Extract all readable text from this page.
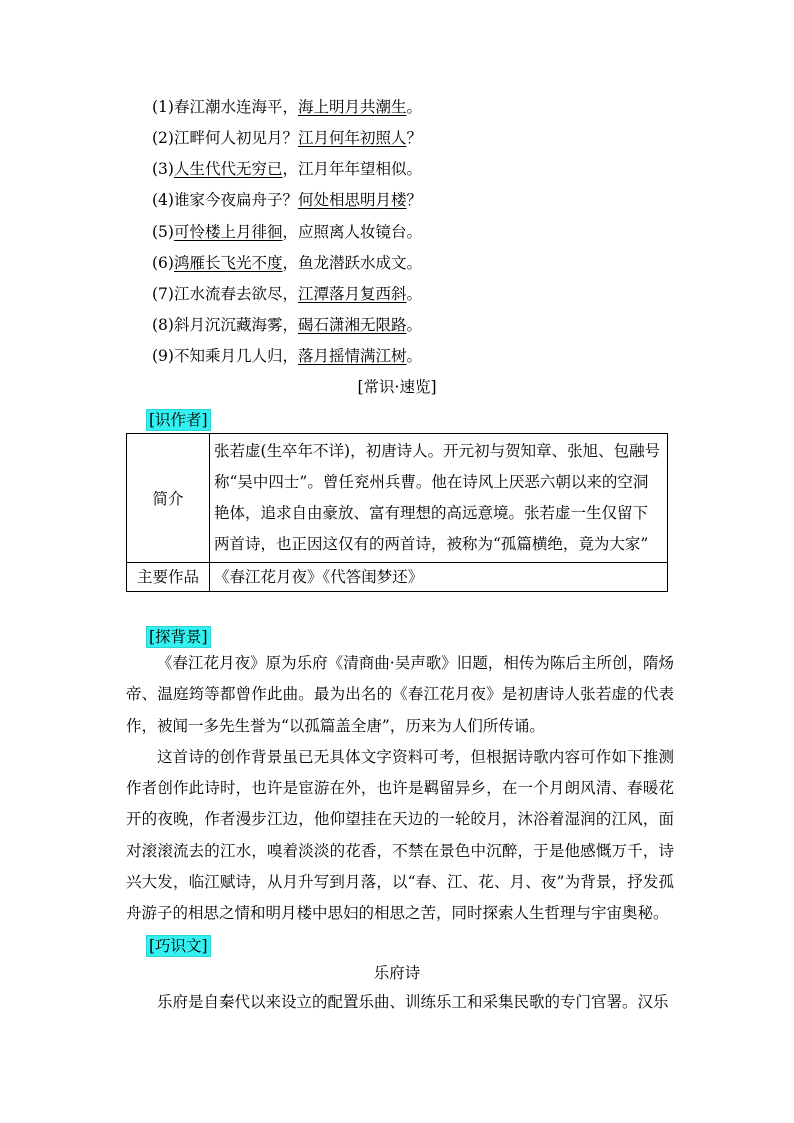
(1)春江潮水连海平，海上明月共潮生。
(2)江畔何人初见月？江月何年初照人？
(3)人生代代无穷已，江月年年望相似。
(4)谁家今夜扁舟子？何处相思明月楼？
(5)可怜楼上月徘徊，应照离人妆镜台。
(6)鸿雁长飞光不度，鱼龙潜跃水成文。
(7)江水流春去欲尽，江潭落月复西斜。
(8)斜月沉沉藏海雾，碣石潇湘无限路。
(9)不知乘月几人归，落月摇情满江树。
[常识·速览]
[识作者]
简介	张若虚(生卒年不详)，初唐诗人。开元初与贺知章、张旭、包融号称“吴中四士”。曾任兖州兵曹。他在诗风上厌恶六朝以来的空洞艳体，追求自由豪放、富有理想的高远意境。张若虚一生仅留下两首诗，也正因这仅有的两首诗，被称为“孤篇横绝，竟为大家”
主要作品	《春江花月夜》《代答闺梦还》
[探背景]

《春江花月夜》原为乐府《清商曲·吴声歌》旧题，相传为陈后主所创，隋炀帝、温庭筠等都曾作此曲。最为出名的《春江花月夜》是初唐诗人张若虚的代表作，被闻一多先生誉为“以孤篇盖全唐”，历来为人们所传诵。

这首诗的创作背景虽已无具体文字资料可考，但根据诗歌内容可作如下推测作者创作此诗时，也许是宦游在外，也许是羁留异乡，在一个月朗风清、春暖花开的夜晚，作者漫步江边，他仰望挂在天边的一轮皎月，沐浴着湿润的江风，面对滚滚流去的江水，嗅着淡淡的花香，不禁在景色中沉醉，于是他感慨万千，诗兴大发，临江赋诗，从月升写到月落，以“春、江、花、月、夜”为背景，抒发孤舟游子的相思之情和明月楼中思妇的相思之苦，同时探索人生哲理与宇宙奥秘。

[巧识文]
乐府诗

乐府是自秦代以来设立的配置乐曲、训练乐工和采集民歌的专门官署。汉乐
